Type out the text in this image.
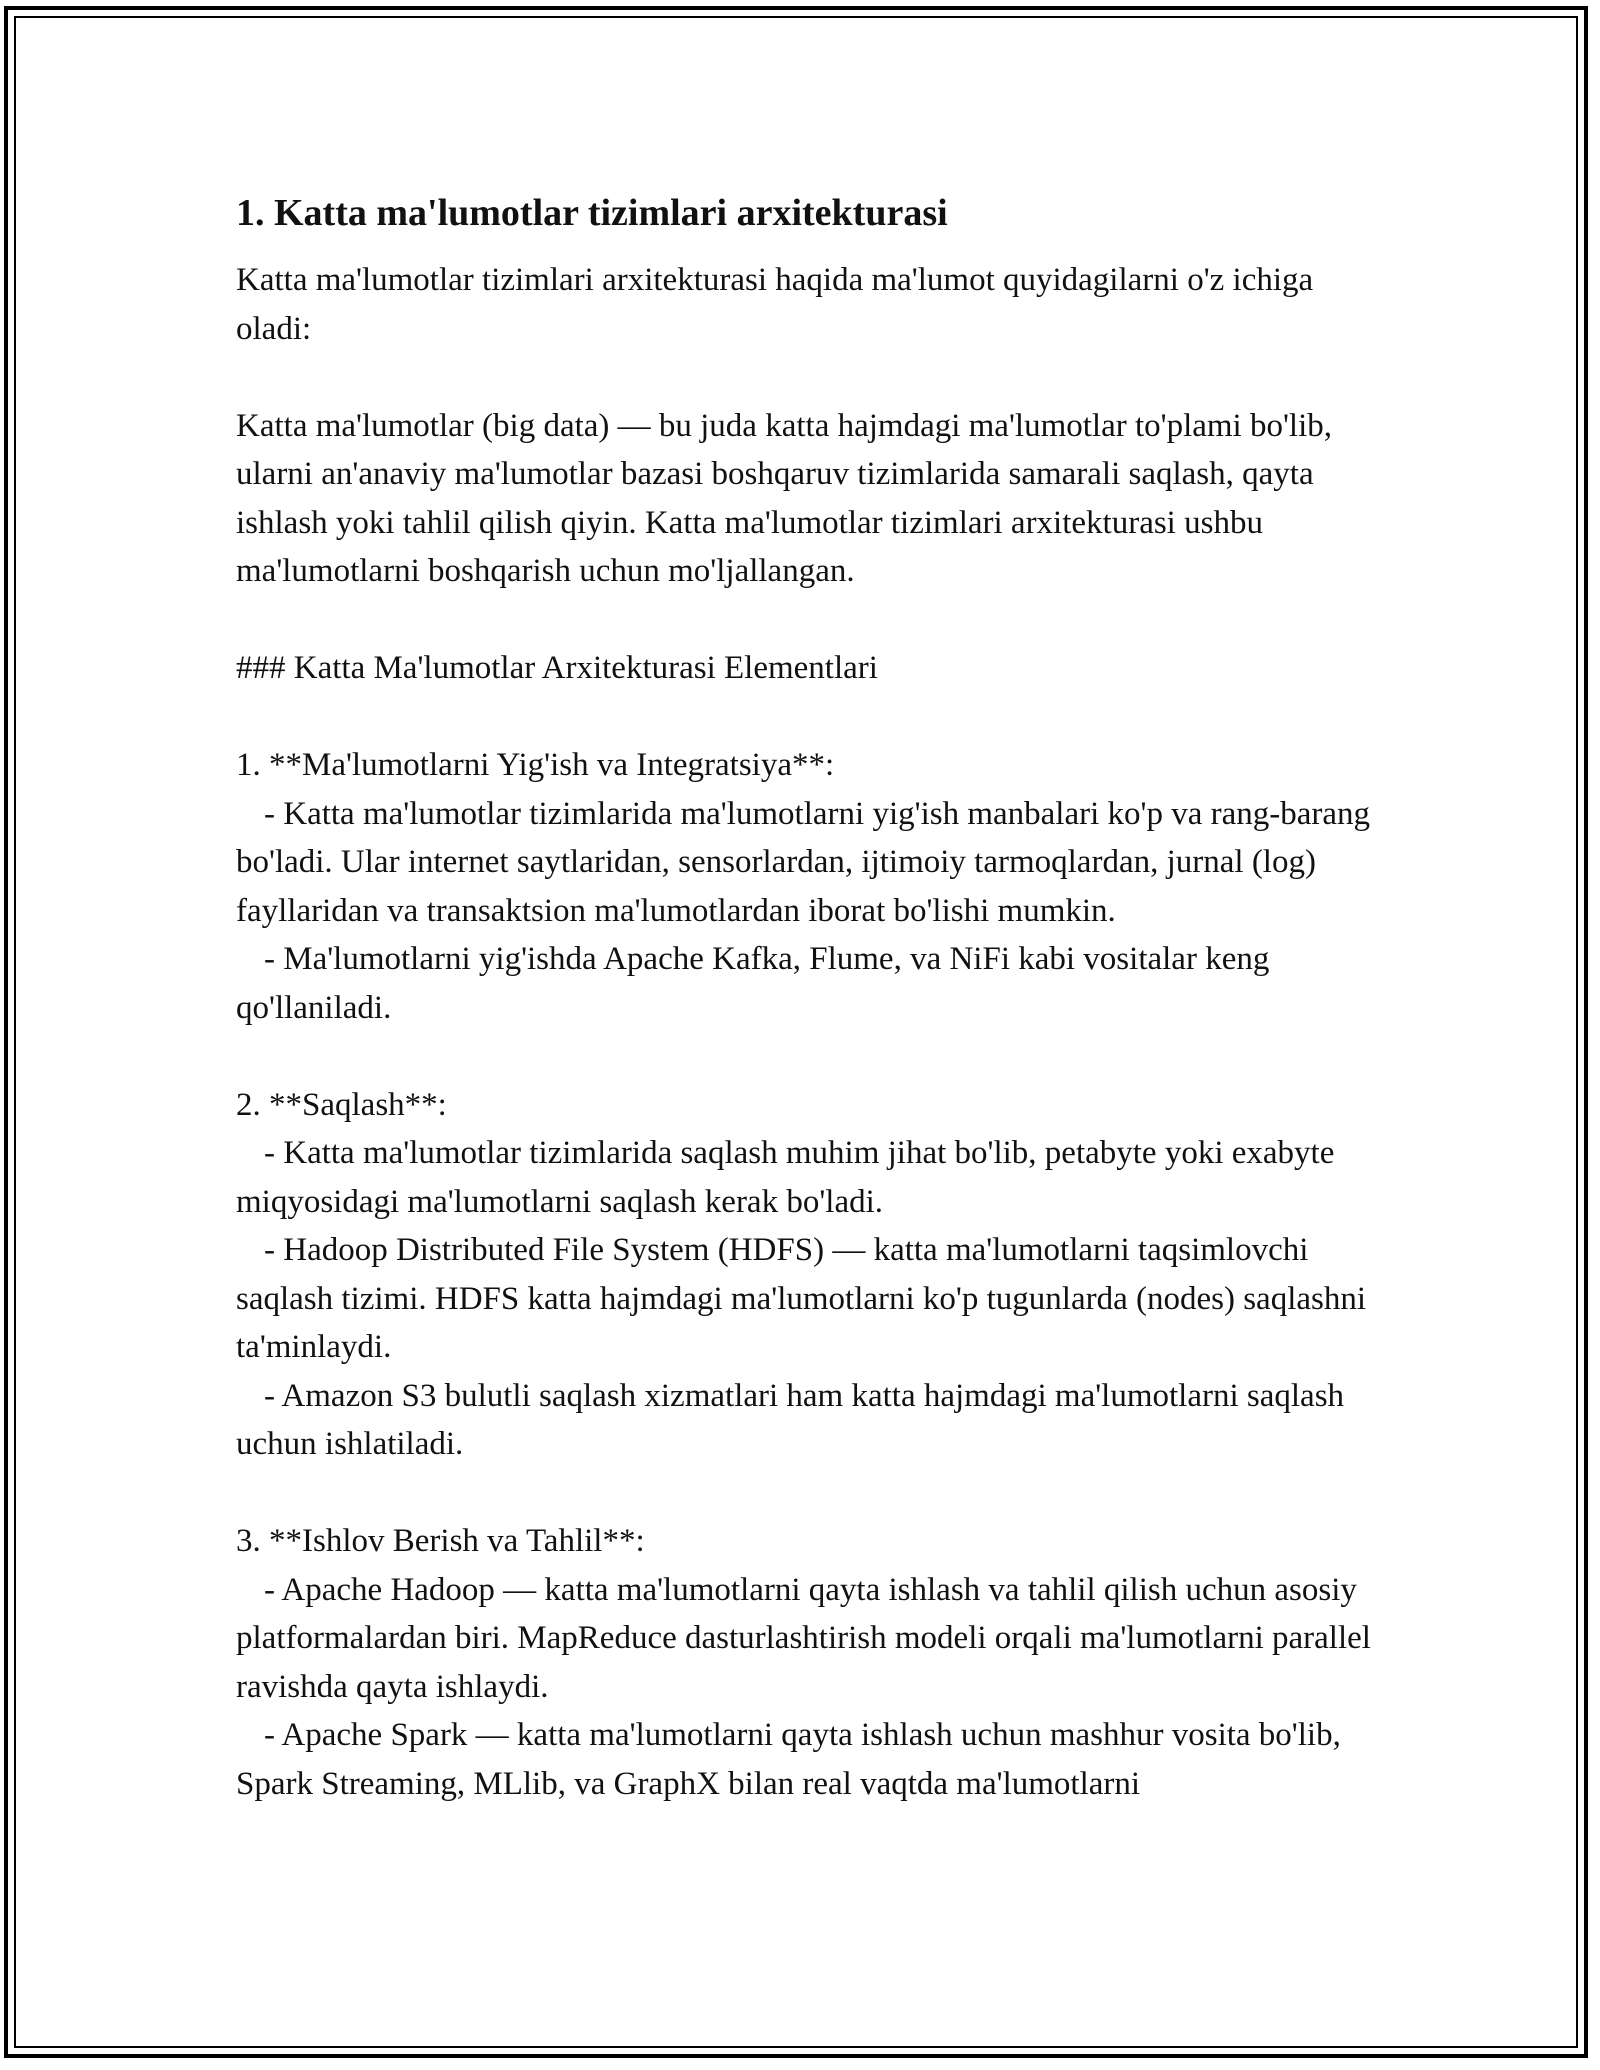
1. Katta ma'lumotlar tizimlari arxitekturasi

Katta ma'lumotlar tizimlari arxitekturasi haqida ma'lumot quyidagilarni o'z ichiga oladi:

Katta ma'lumotlar (big data) — bu juda katta hajmdagi ma'lumotlar to'plami bo'lib, ularni an'anaviy ma'lumotlar bazasi boshqaruv tizimlarida samarali saqlash, qayta ishlash yoki tahlil qilish qiyin. Katta ma'lumotlar tizimlari arxitekturasi ushbu ma'lumotlarni boshqarish uchun mo'ljallangan.

### Katta Ma'lumotlar Arxitekturasi Elementlari

1. **Ma'lumotlarni Yig'ish va Integratsiya**:

- Katta ma'lumotlar tizimlarida ma'lumotlarni yig'ish manbalari ko'p va rang-barang bo'ladi. Ular internet saytlaridan, sensorlardan, ijtimoiy tarmoqlardan, jurnal (log) fayllaridan va transaktsion ma'lumotlardan iborat bo'lishi mumkin.

- Ma'lumotlarni yig'ishda Apache Kafka, Flume, va NiFi kabi vositalar keng qo'llaniladi.

2. **Saqlash**:

- Katta ma'lumotlar tizimlarida saqlash muhim jihat bo'lib, petabyte yoki exabyte miqyosidagi ma'lumotlarni saqlash kerak bo'ladi.

- Hadoop Distributed File System (HDFS) — katta ma'lumotlarni taqsimlovchi saqlash tizimi. HDFS katta hajmdagi ma'lumotlarni ko'p tugunlarda (nodes) saqlashni ta'minlaydi.

- Amazon S3 bulutli saqlash xizmatlari ham katta hajmdagi ma'lumotlarni saqlash uchun ishlatiladi.

3. **Ishlov Berish va Tahlil**:

- Apache Hadoop — katta ma'lumotlarni qayta ishlash va tahlil qilish uchun asosiy platformalardan biri. MapReduce dasturlashtirish modeli orqali ma'lumotlarni parallel ravishda qayta ishlaydi.

- Apache Spark — katta ma'lumotlarni qayta ishlash uchun mashhur vosita bo'lib, Spark Streaming, MLlib, va GraphX bilan real vaqtda ma'lumotlarni
